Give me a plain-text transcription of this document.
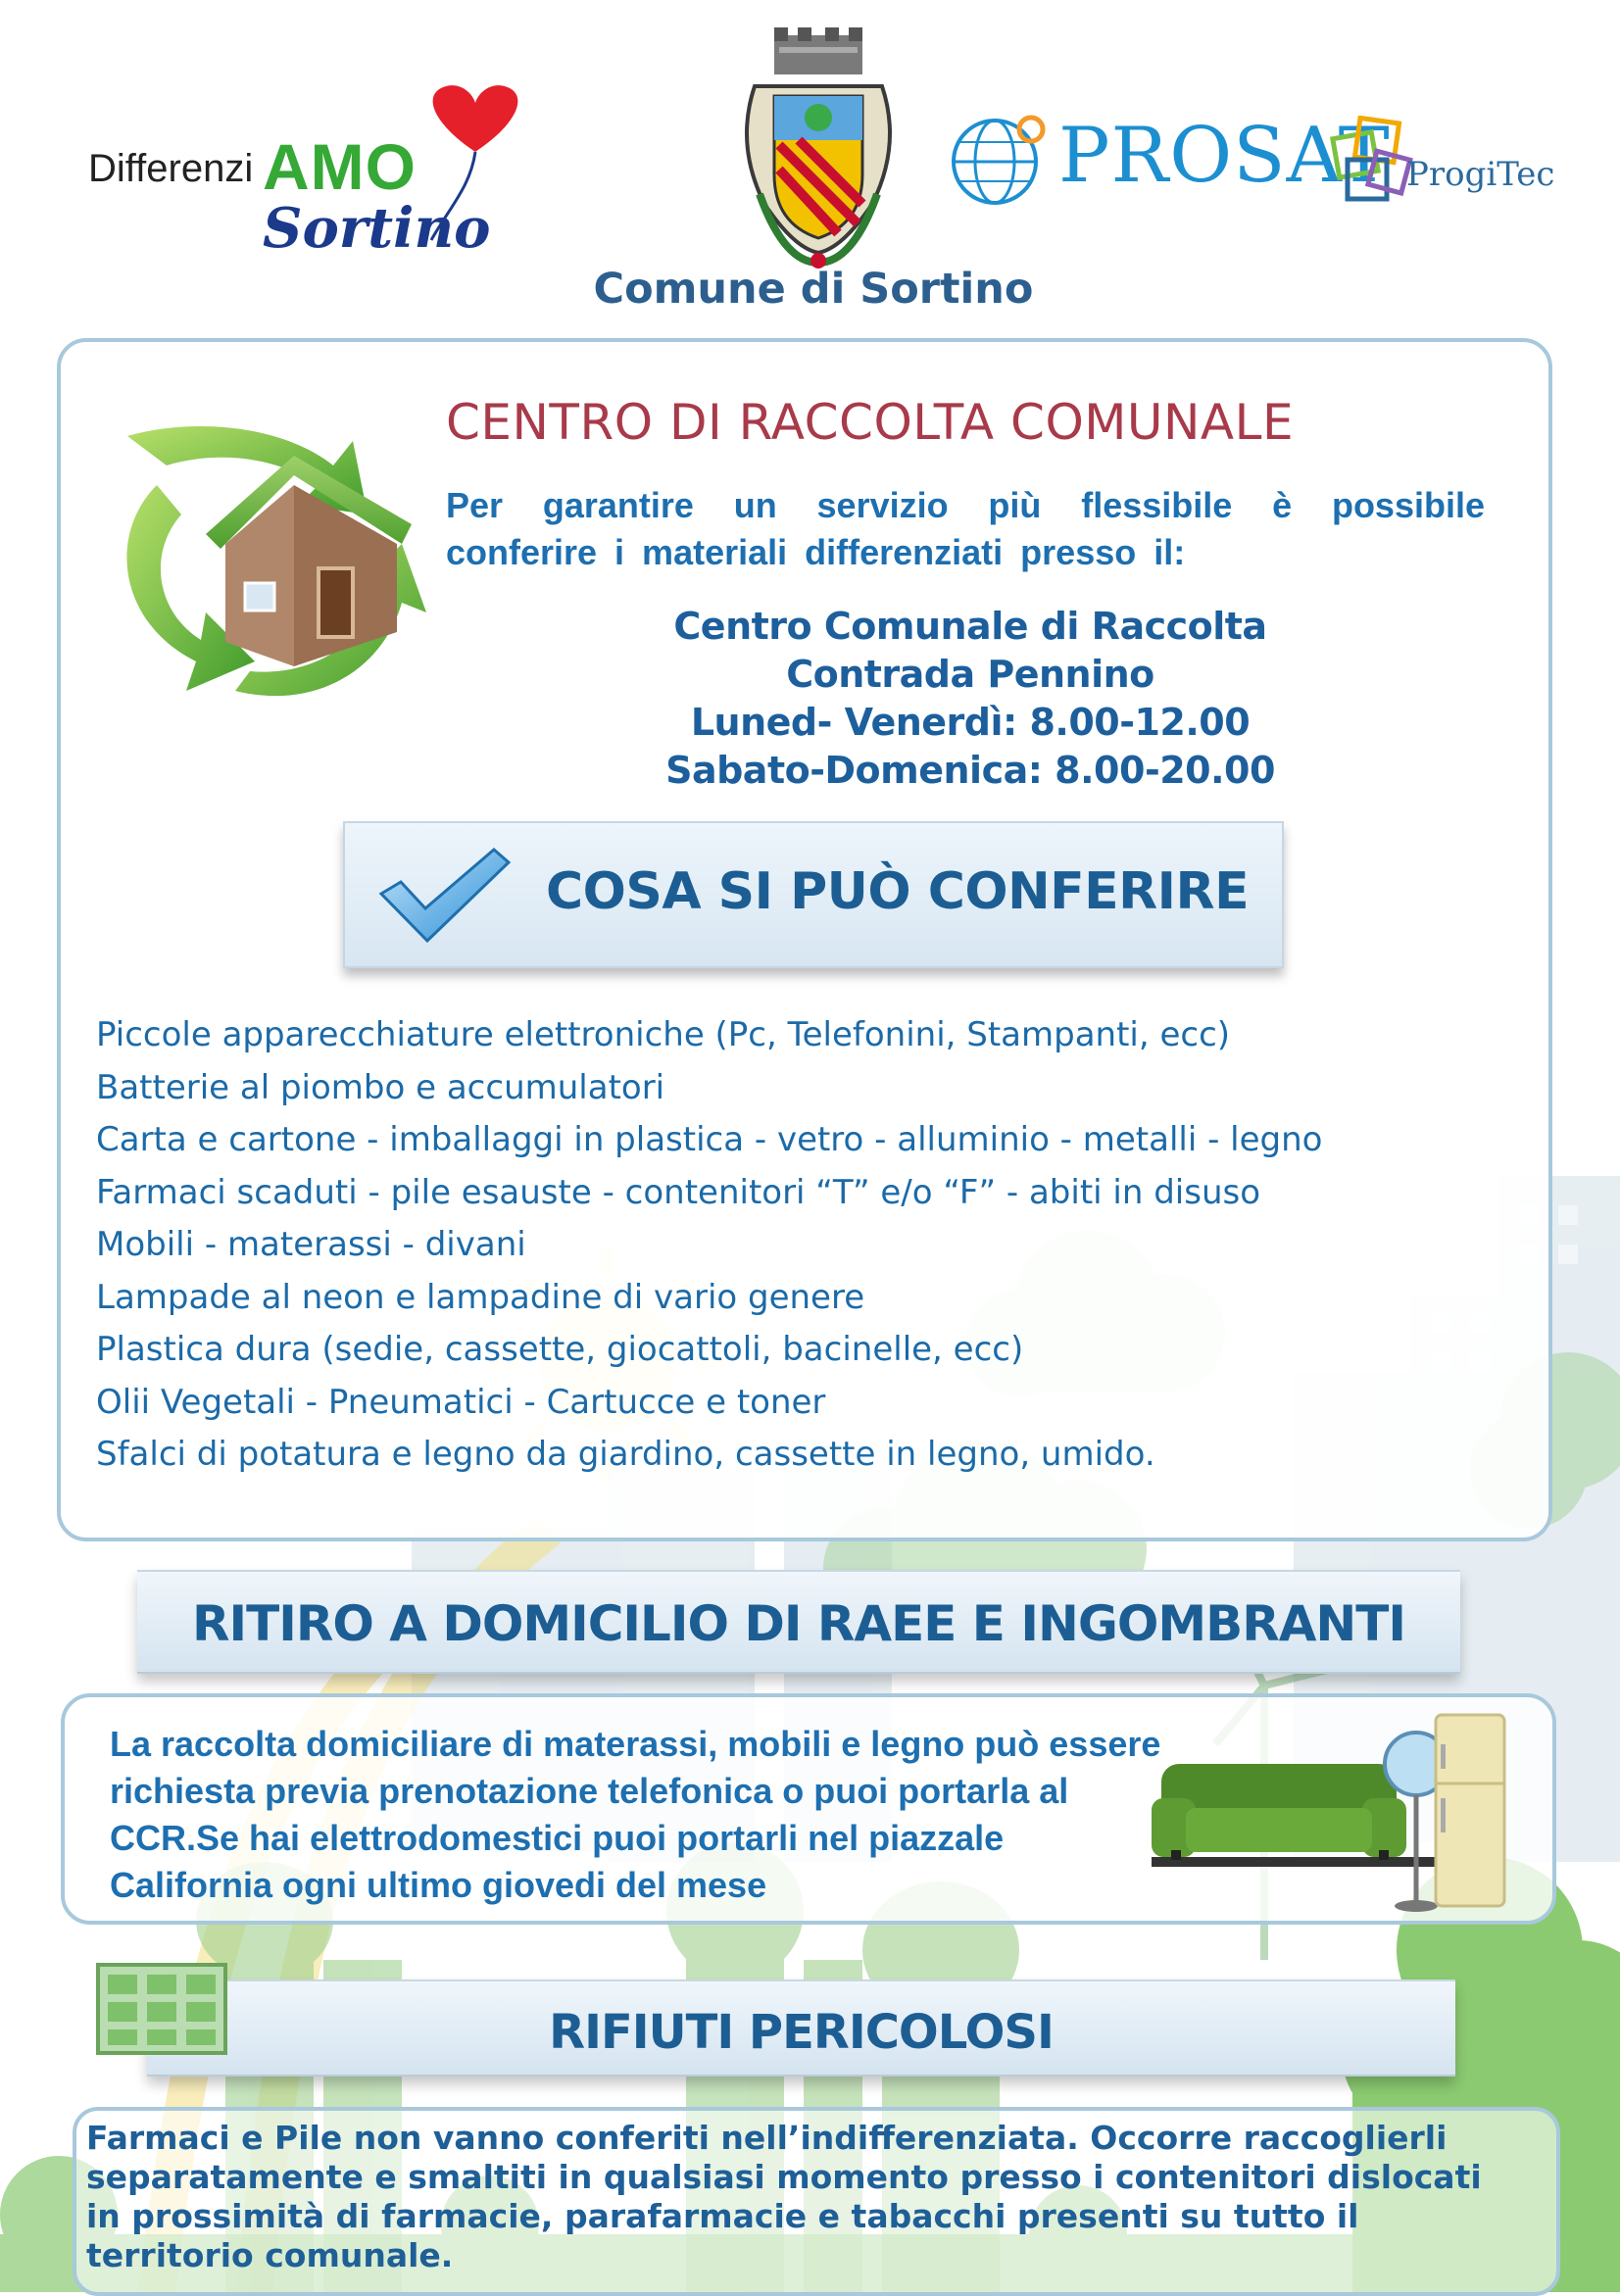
Differenzi AMO
Sortino
Comune di Sortino
PROSAT ProgiTec
CENTRO DI RACCOLTA COMUNALE
Per garantire un servizio più flessibile è possibile conferire i materiali differenziati presso il:
Centro Comunale di Raccolta
Contrada Pennino
Luned- Venerdì: 8.00-12.00
Sabato-Domenica: 8.00-20.00
COSA SI PUÒ CONFERIRE
Piccole apparecchiature elettroniche (Pc, Telefonini, Stampanti, ecc)
Batterie al piombo e accumulatori
Carta e cartone - imballaggi in plastica - vetro - alluminio - metalli - legno
Farmaci scaduti - pile esauste - contenitori “T” e/o “F” - abiti in disuso
Mobili - materassi - divani
Lampade al neon e lampadine di vario genere
Plastica dura (sedie, cassette, giocattoli, bacinelle, ecc)
Olii Vegetali - Pneumatici - Cartucce e toner
Sfalci di potatura e legno da giardino, cassette in legno, umido.
RITIRO A DOMICILIO DI RAEE E INGOMBRANTI
La raccolta domiciliare di materassi, mobili e legno può essere
richiesta previa prenotazione telefonica o puoi portarla al
CCR.Se hai elettrodomestici puoi portarli nel piazzale
California ogni ultimo giovedi del mese
RIFIUTI PERICOLOSI
Farmaci e Pile non vanno conferiti nell’indifferenziata. Occorre raccoglierli
separatamente e smaltiti in qualsiasi momento presso i contenitori dislocati
in prossimità di farmacie, parafarmacie e tabacchi presenti su tutto il
territorio comunale.
